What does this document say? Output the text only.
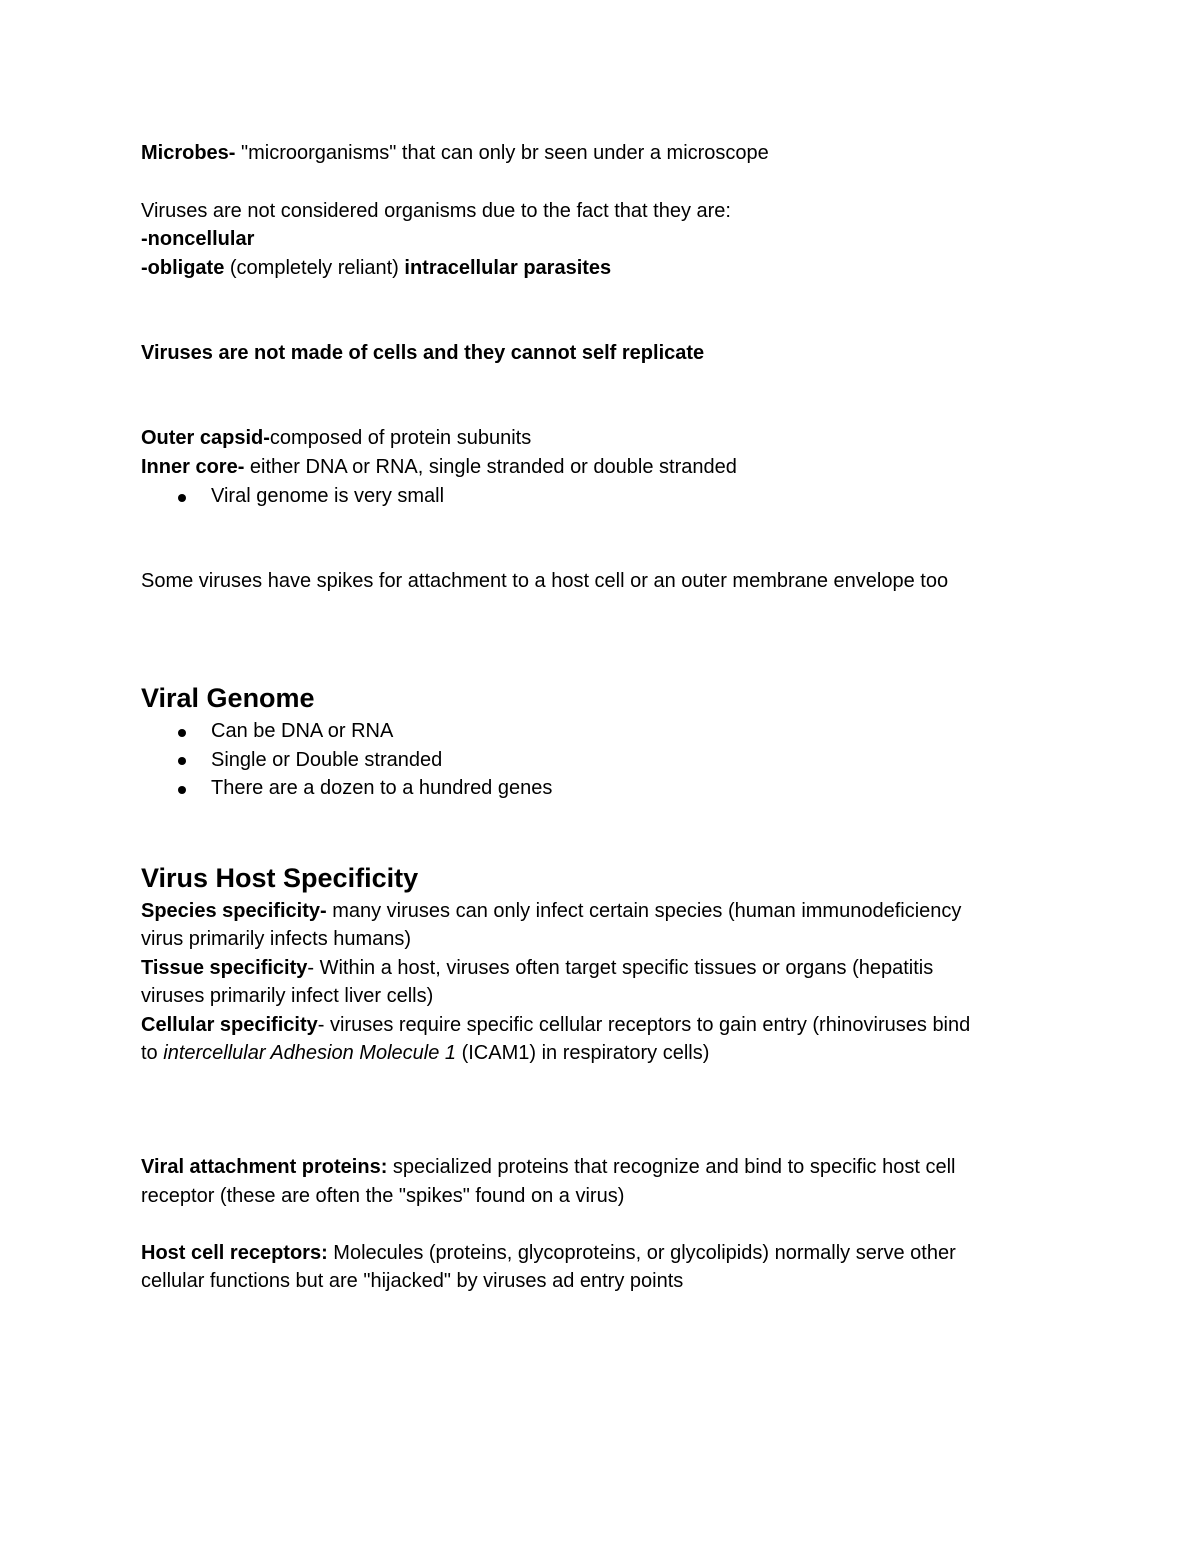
Microbes- "microorganisms" that can only br seen under a microscope
Viruses are not considered organisms due to the fact that they are:
-noncellular
-obligate (completely reliant) intracellular parasites
Viruses are not made of cells and they cannot self replicate
Outer capsid-composed of protein subunits
Inner core- either DNA or RNA, single stranded or double stranded
Viral genome is very small
Some viruses have spikes for attachment to a host cell or an outer membrane envelope too
Viral Genome
Can be DNA or RNA
Single or Double stranded
There are a dozen to a hundred genes
Virus Host Specificity
Species specificity- many viruses can only infect certain species (human immunodeficiency
virus primarily infects humans)
Tissue specificity- Within a host, viruses often target specific tissues or organs (hepatitis
viruses primarily infect liver cells)
Cellular specificity- viruses require specific cellular receptors to gain entry (rhinoviruses bind
to intercellular Adhesion Molecule 1 (ICAM1) in respiratory cells)
Viral attachment proteins: specialized proteins that recognize and bind to specific host cell
receptor (these are often the "spikes" found on a virus)
Host cell receptors: Molecules (proteins, glycoproteins, or glycolipids) normally serve other
cellular functions but are "hijacked" by viruses ad entry points
